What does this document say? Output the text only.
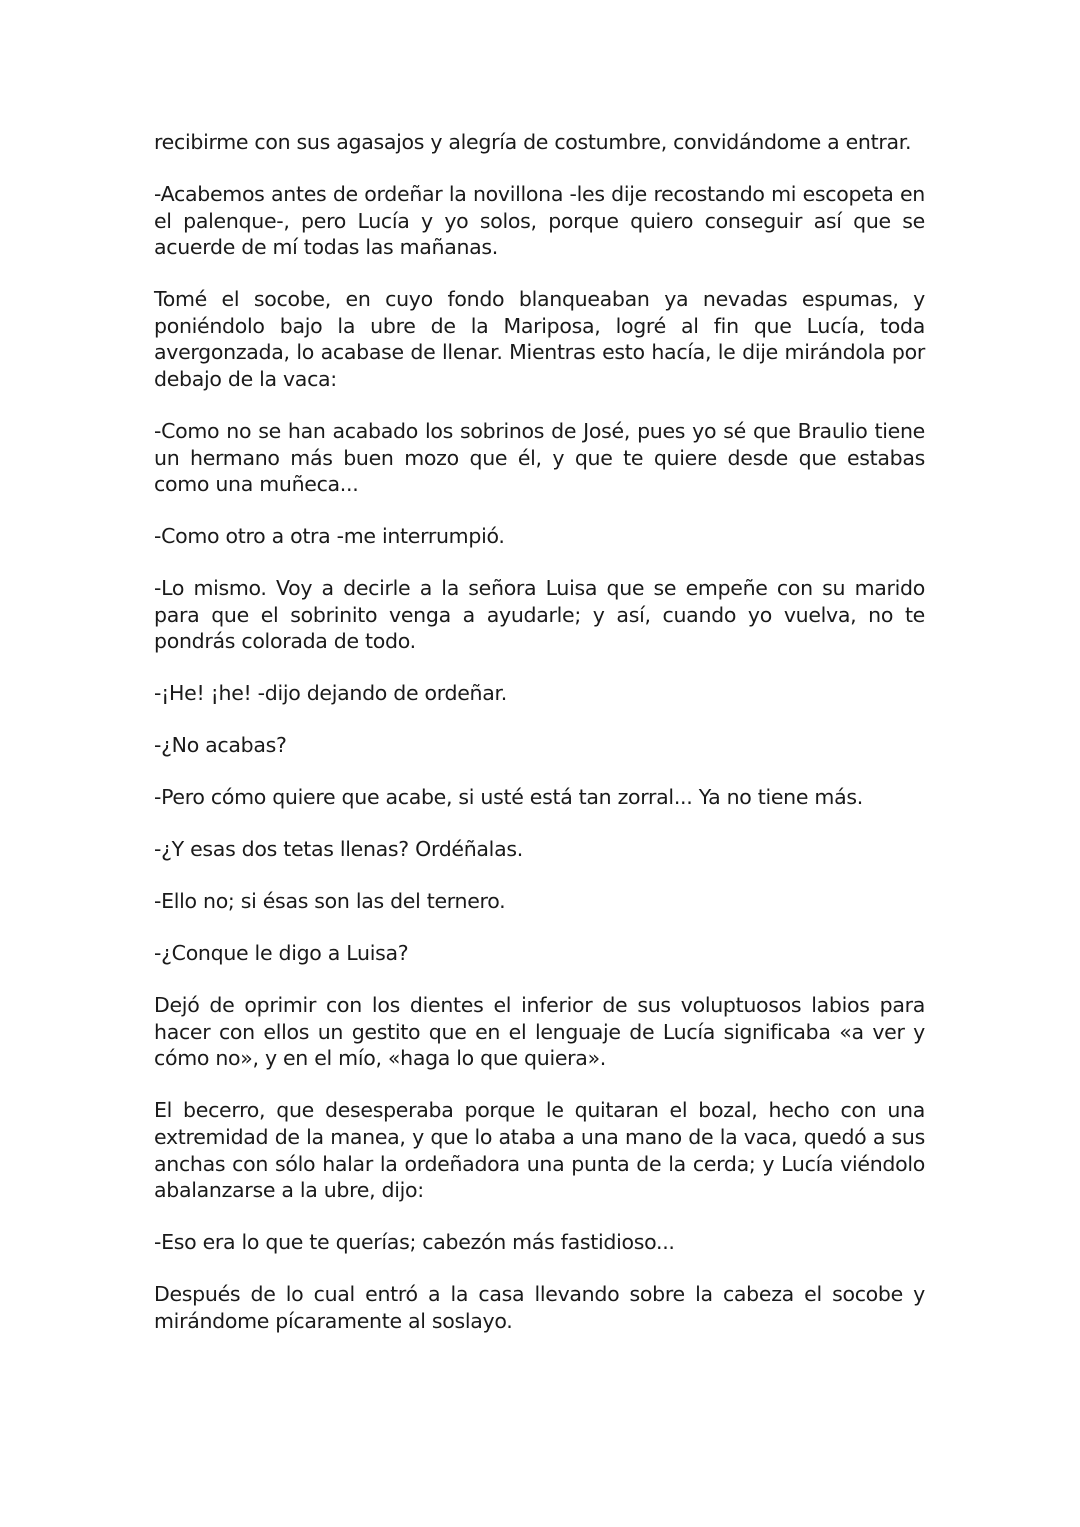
recibirme con sus agasajos y alegría de costumbre, convidándome a entrar.

-Acabemos antes de ordeñar la novillona -les dije recostando mi escopeta en el palenque-, pero Lucía y yo solos, porque quiero conseguir así que se acuerde de mí todas las mañanas.

Tomé el socobe, en cuyo fondo blanqueaban ya nevadas espumas, y poniéndolo bajo la ubre de la Mariposa, logré al fin que Lucía, toda avergonzada, lo acabase de llenar. Mientras esto hacía, le dije mirándola por debajo de la vaca:

-Como no se han acabado los sobrinos de José, pues yo sé que Braulio tiene un hermano más buen mozo que él, y que te quiere desde que estabas como una muñeca...

-Como otro a otra -me interrumpió.

-Lo mismo. Voy a decirle a la señora Luisa que se empeñe con su marido para que el sobrinito venga a ayudarle; y así, cuando yo vuelva, no te pondrás colorada de todo.

-¡He! ¡he! -dijo dejando de ordeñar.

-¿No acabas?

-Pero cómo quiere que acabe, si usté está tan zorral... Ya no tiene más.

-¿Y esas dos tetas llenas? Ordéñalas.

-Ello no; si ésas son las del ternero.

-¿Conque le digo a Luisa?

Dejó de oprimir con los dientes el inferior de sus voluptuosos labios para hacer con ellos un gestito que en el lenguaje de Lucía significaba «a ver y cómo no», y en el mío, «haga lo que quiera».

El becerro, que desesperaba porque le quitaran el bozal, hecho con una extremidad de la manea, y que lo ataba a una mano de la vaca, quedó a sus anchas con sólo halar la ordeñadora una punta de la cerda; y Lucía viéndolo abalanzarse a la ubre, dijo:

-Eso era lo que te querías; cabezón más fastidioso...

Después de lo cual entró a la casa llevando sobre la cabeza el socobe y mirándome pícaramente al soslayo.
